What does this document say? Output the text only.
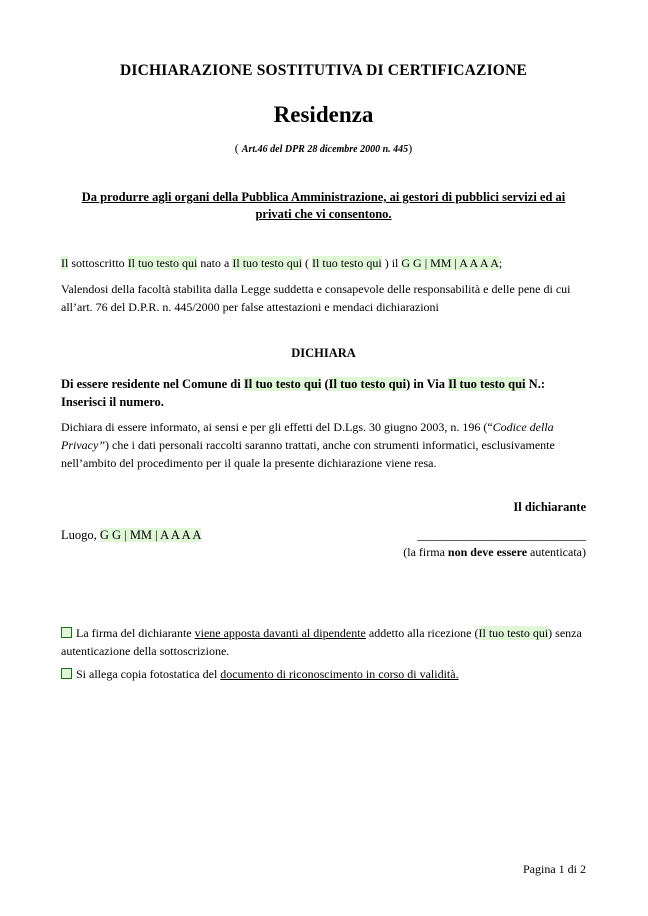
DICHIARAZIONE SOSTITUTIVA DI CERTIFICAZIONE
Residenza
( Art.46 del DPR 28 dicembre 2000 n. 445)
Da produrre agli organi della Pubblica Amministrazione, ai gestori di pubblici servizi ed ai
privati che vi consentono.
Il sottoscritto Il tuo testo qui nato a Il tuo testo qui ( Il tuo testo qui ) il G G | MM | A A A A;
Valendosi della facoltà stabilita dalla Legge suddetta e consapevole delle responsabilità e delle pene di cui all’art. 76 del D.P.R. n. 445/2000 per false attestazioni e mendaci dichiarazioni
DICHIARA
Di essere residente nel Comune di Il tuo testo qui (Il tuo testo qui) in Via Il tuo testo qui N.: Inserisci il numero.
Dichiara di essere informato, ai sensi e per gli effetti del D.Lgs. 30 giugno 2003, n. 196 (“Codice della Privacy”) che i dati personali raccolti saranno trattati, anche con strumenti informatici, esclusivamente nell’ambito del procedimento per il quale la presente dichiarazione viene resa.
Il dichiarante
Luogo, G G | MM | A A A A	___________________________
(la firma non deve essere autenticata)
La firma del dichiarante viene apposta davanti al dipendente addetto alla ricezione (Il tuo testo qui) senza autenticazione della sottoscrizione.
Si allega copia fotostatica del documento di riconoscimento in corso di validità.
Pagina 1 di 2
